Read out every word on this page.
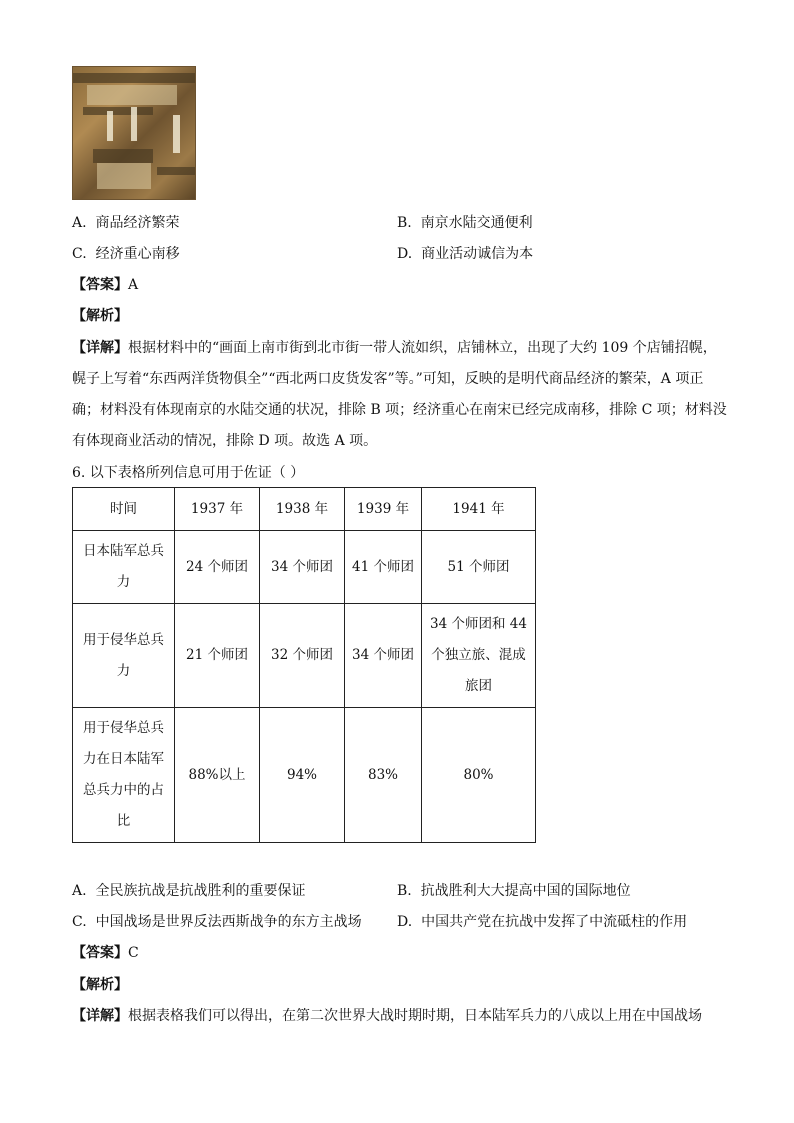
A. 商品经济繁荣	B. 南京水陆交通便利
C. 经济重心南移	D. 商业活动诚信为本
【答案】A
【解析】
【详解】根据材料中的“画面上南市街到北市街一带人流如织，店铺林立，出现了大约 109 个店铺招幌，
幌子上写着“东西两洋货物俱全”“西北两口皮货发客”等。”可知，反映的是明代商品经济的繁荣，A 项正
确；材料没有体现南京的水陆交通的状况，排除 B 项；经济重心在南宋已经完成南移，排除 C 项；材料没
有体现商业活动的情况，排除 D 项。故选 A 项。
6. 以下表格所列信息可用于佐证（ ）
时间	1937 年	1938 年	1939 年	1941 年
日本陆军总兵力	24 个师团	34 个师团	41 个师团	51 个师团
用于侵华总兵力	21 个师团	32 个师团	34 个师团	34 个师团和 44 个独立旅、混成旅团
用于侵华总兵力在日本陆军总兵力中的占比	88%以上	94%	83%	80%
A. 全民族抗战是抗战胜利的重要保证	B. 抗战胜利大大提高中国的国际地位
C. 中国战场是世界反法西斯战争的东方主战场	D. 中国共产党在抗战中发挥了中流砥柱的作用
【答案】C
【解析】
【详解】根据表格我们可以得出，在第二次世界大战时期时期，日本陆军兵力的八成以上用在中国战场
